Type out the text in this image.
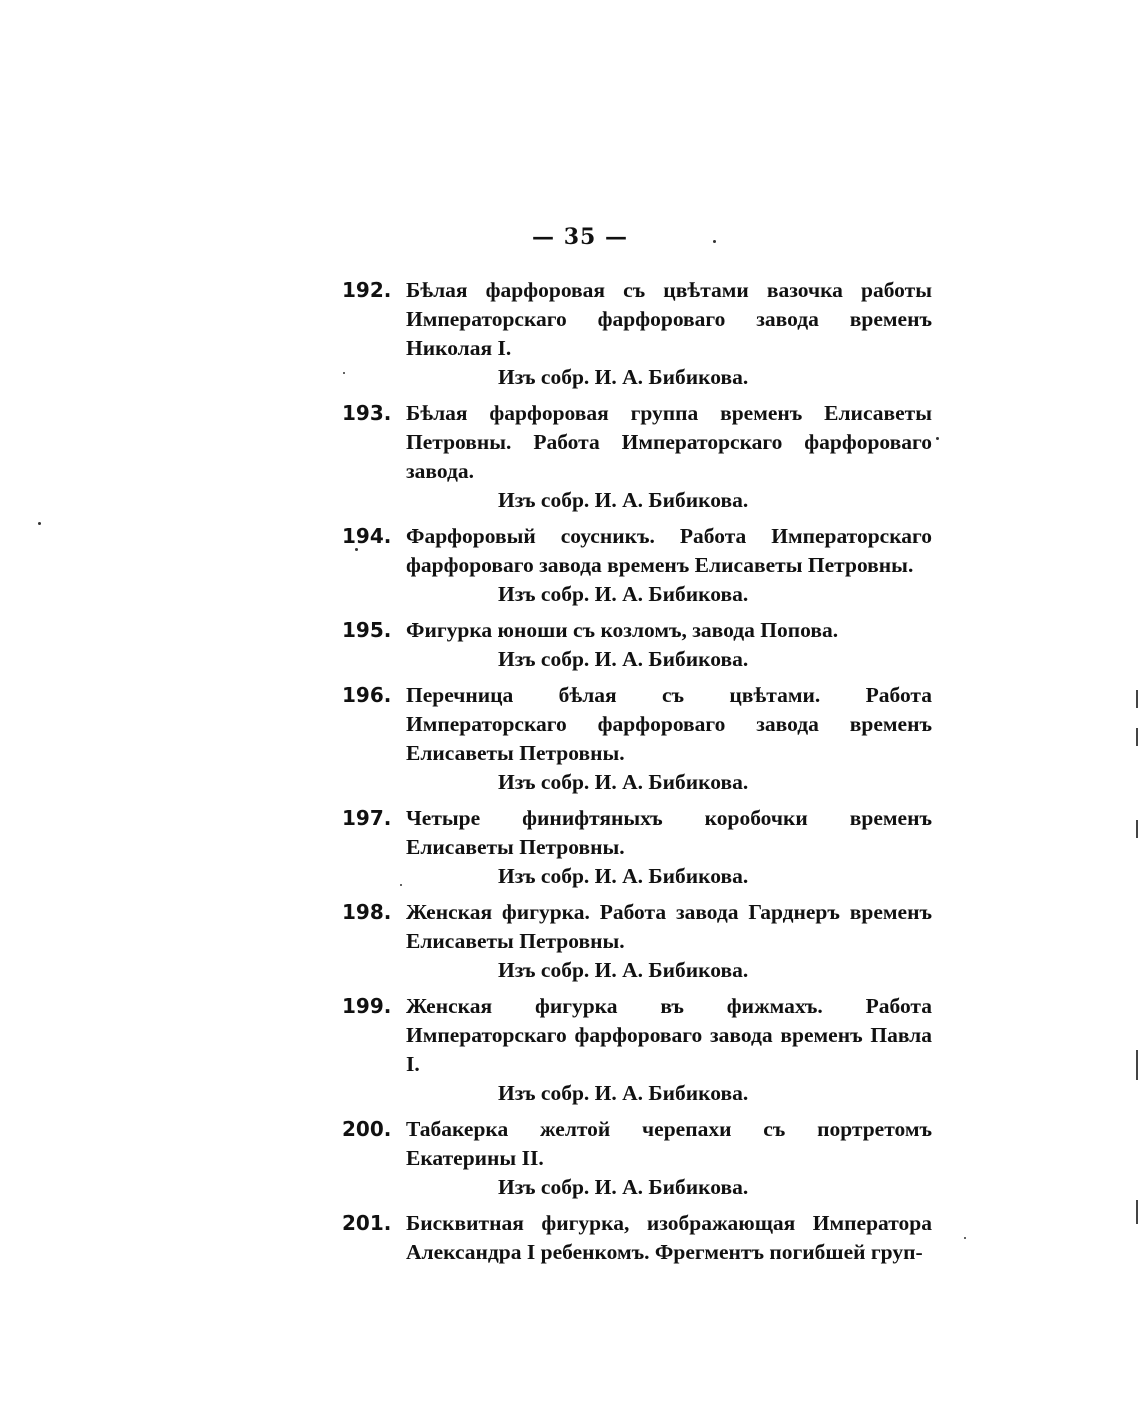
— 35 —
192. Бѣлая фарфоровая съ цвѣтами вазочка работы Императорскаго фарфороваго завода временъ Николая I.
Изъ собр. И. А. Бибикова.
193. Бѣлая фарфоровая группа временъ Елисаветы Петровны. Работа Императорскаго фарфороваго завода.
Изъ собр. И. А. Бибикова.
194. Фарфоровый соусникъ. Работа Императорскаго фарфороваго завода временъ Елисаветы Петровны.
Изъ собр. И. А. Бибикова.
195. Фигурка юноши съ козломъ, завода Попова.
Изъ собр. И. А. Бибикова.
196. Перечница бѣлая съ цвѣтами. Работа Императорскаго фарфороваго завода временъ Елисаветы Петровны.
Изъ собр. И. А. Бибикова.
197. Четыре финифтяныхъ коробочки временъ Елисаветы Петровны.
Изъ собр. И. А. Бибикова.
198. Женская фигурка. Работа завода Гарднеръ временъ Елисаветы Петровны.
Изъ собр. И. А. Бибикова.
199. Женская фигурка въ фижмахъ. Работа Императорскаго фарфороваго завода временъ Павла I.
Изъ собр. И. А. Бибикова.
200. Табакерка желтой черепахи съ портретомъ Екатерины II.
Изъ собр. И. А. Бибикова.
201. Бисквитная фигурка, изображающая Императора Александра I ребенкомъ. Фрегментъ погибшей груп-
